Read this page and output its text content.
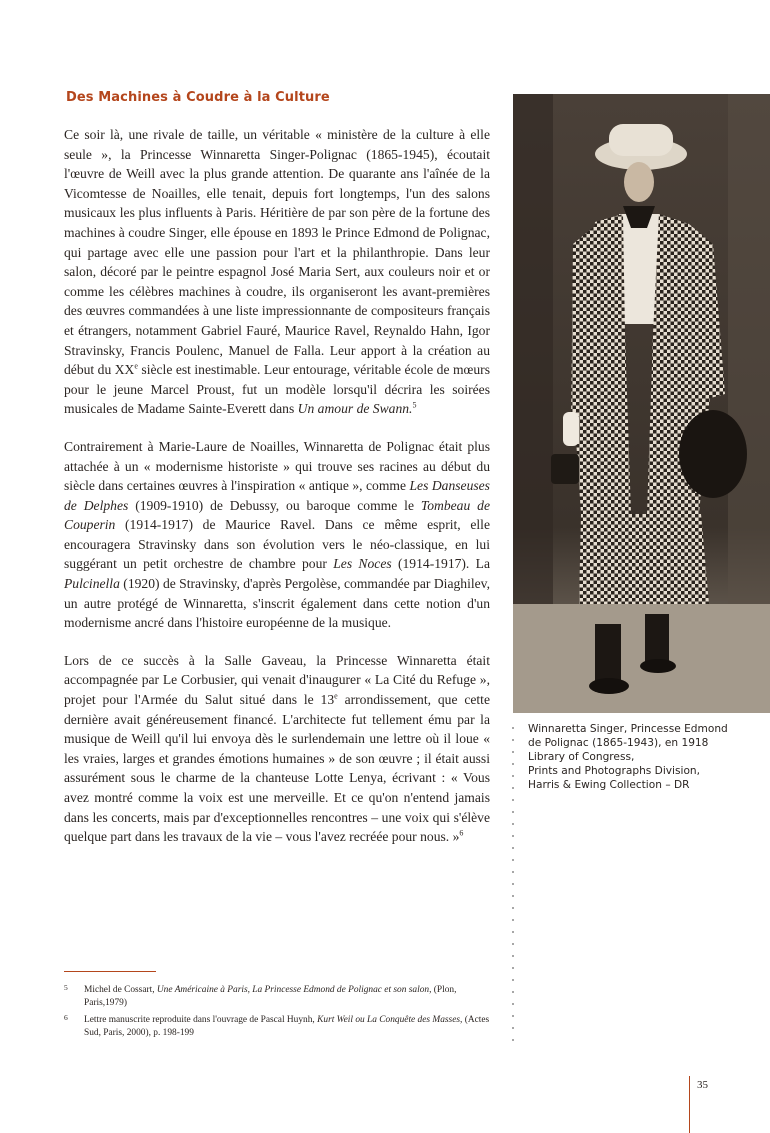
Des Machines à Coudre à la Culture

Ce soir là, une rivale de taille, un véritable « ministère de la culture à elle seule », la Princesse Winnaretta Singer-Polignac (1865-1945), écoutait l'œuvre de Weill avec la plus grande attention. De quarante ans l'aînée de la Vicomtesse de Noailles, elle tenait, depuis fort longtemps, l'un des salons musicaux les plus influents à Paris. Héritière de par son père de la fortune des machines à coudre Singer, elle épouse en 1893 le Prince Edmond de Polignac, qui partage avec elle une passion pour l'art et la philanthropie. Dans leur salon, décoré par le peintre espagnol José Maria Sert, aux couleurs noir et or comme les célèbres machines à coudre, ils organiseront les avant-premières des œuvres commandées à une liste impressionnante de compositeurs français et étrangers, notamment Gabriel Fauré, Maurice Ravel, Reynaldo Hahn, Igor Stravinsky, Francis Poulenc, Manuel de Falla. Leur apport à la création au début du XXe siècle est inestimable. Leur entourage, véritable école de mœurs pour le jeune Marcel Proust, fut un modèle lorsqu'il décrira les soirées musicales de Madame Sainte-Everett dans Un amour de Swann.$^5$

Contrairement à Marie-Laure de Noailles, Winnaretta de Polignac était plus attachée à un « modernisme historiste » qui trouve ses racines au début du siècle dans certaines œuvres à l'inspiration « antique », comme Les Danseuses de Delphes (1909-1910) de Debussy, ou baroque comme le Tombeau de Couperin (1914-1917) de Maurice Ravel. Dans ce même esprit, elle encouragera Stravinsky dans son évolution vers le néo-classique, en lui suggérant un petit orchestre de chambre pour Les Noces (1914-1917). La Pulcinella (1920) de Stravinsky, d'après Pergolèse, commandée par Diaghilev, un autre protégé de Winnaretta, s'inscrit également dans cette notion d'un modernisme ancré dans l'histoire européenne de la musique.

Lors de ce succès à la Salle Gaveau, la Princesse Winnaretta était accompagnée par Le Corbusier, qui venait d'inaugurer « La Cité du Refuge », projet pour l'Armée du Salut situé dans le 13e arrondissement, que cette dernière avait généreusement financé. L'architecte fut tellement ému par la musique de Weill qu'il lui envoya dès le surlendemain une lettre où il loue « les vraies, larges et grandes émotions humaines » de son œuvre ; il était aussi assurément sous le charme de la chanteuse Lotte Lenya, écrivant : « Vous avez montré comme la voix est une merveille. Et ce qu'on n'entend jamais dans les concerts, mais par d'exceptionnelles rencontres – une voix qui s'élève quelque part dans les travaux de la vie – vous l'avez recréée pour nous. »$^6$

Winnaretta Singer, Princesse Edmond
de Polignac (1865-1943), en 1918
Library of Congress,
Prints and Photographs Division,
Harris & Ewing Collection – DR
5 Michel de Cossart, Une Américaine à Paris, La Princesse Edmond de Polignac et son salon, (Plon, Paris,1979)
6 Lettre manuscrite reproduite dans l'ouvrage de Pascal Huynh, Kurt Weil ou La Conquête des Masses, (Actes Sud, Paris, 2000), p. 198-199
35
